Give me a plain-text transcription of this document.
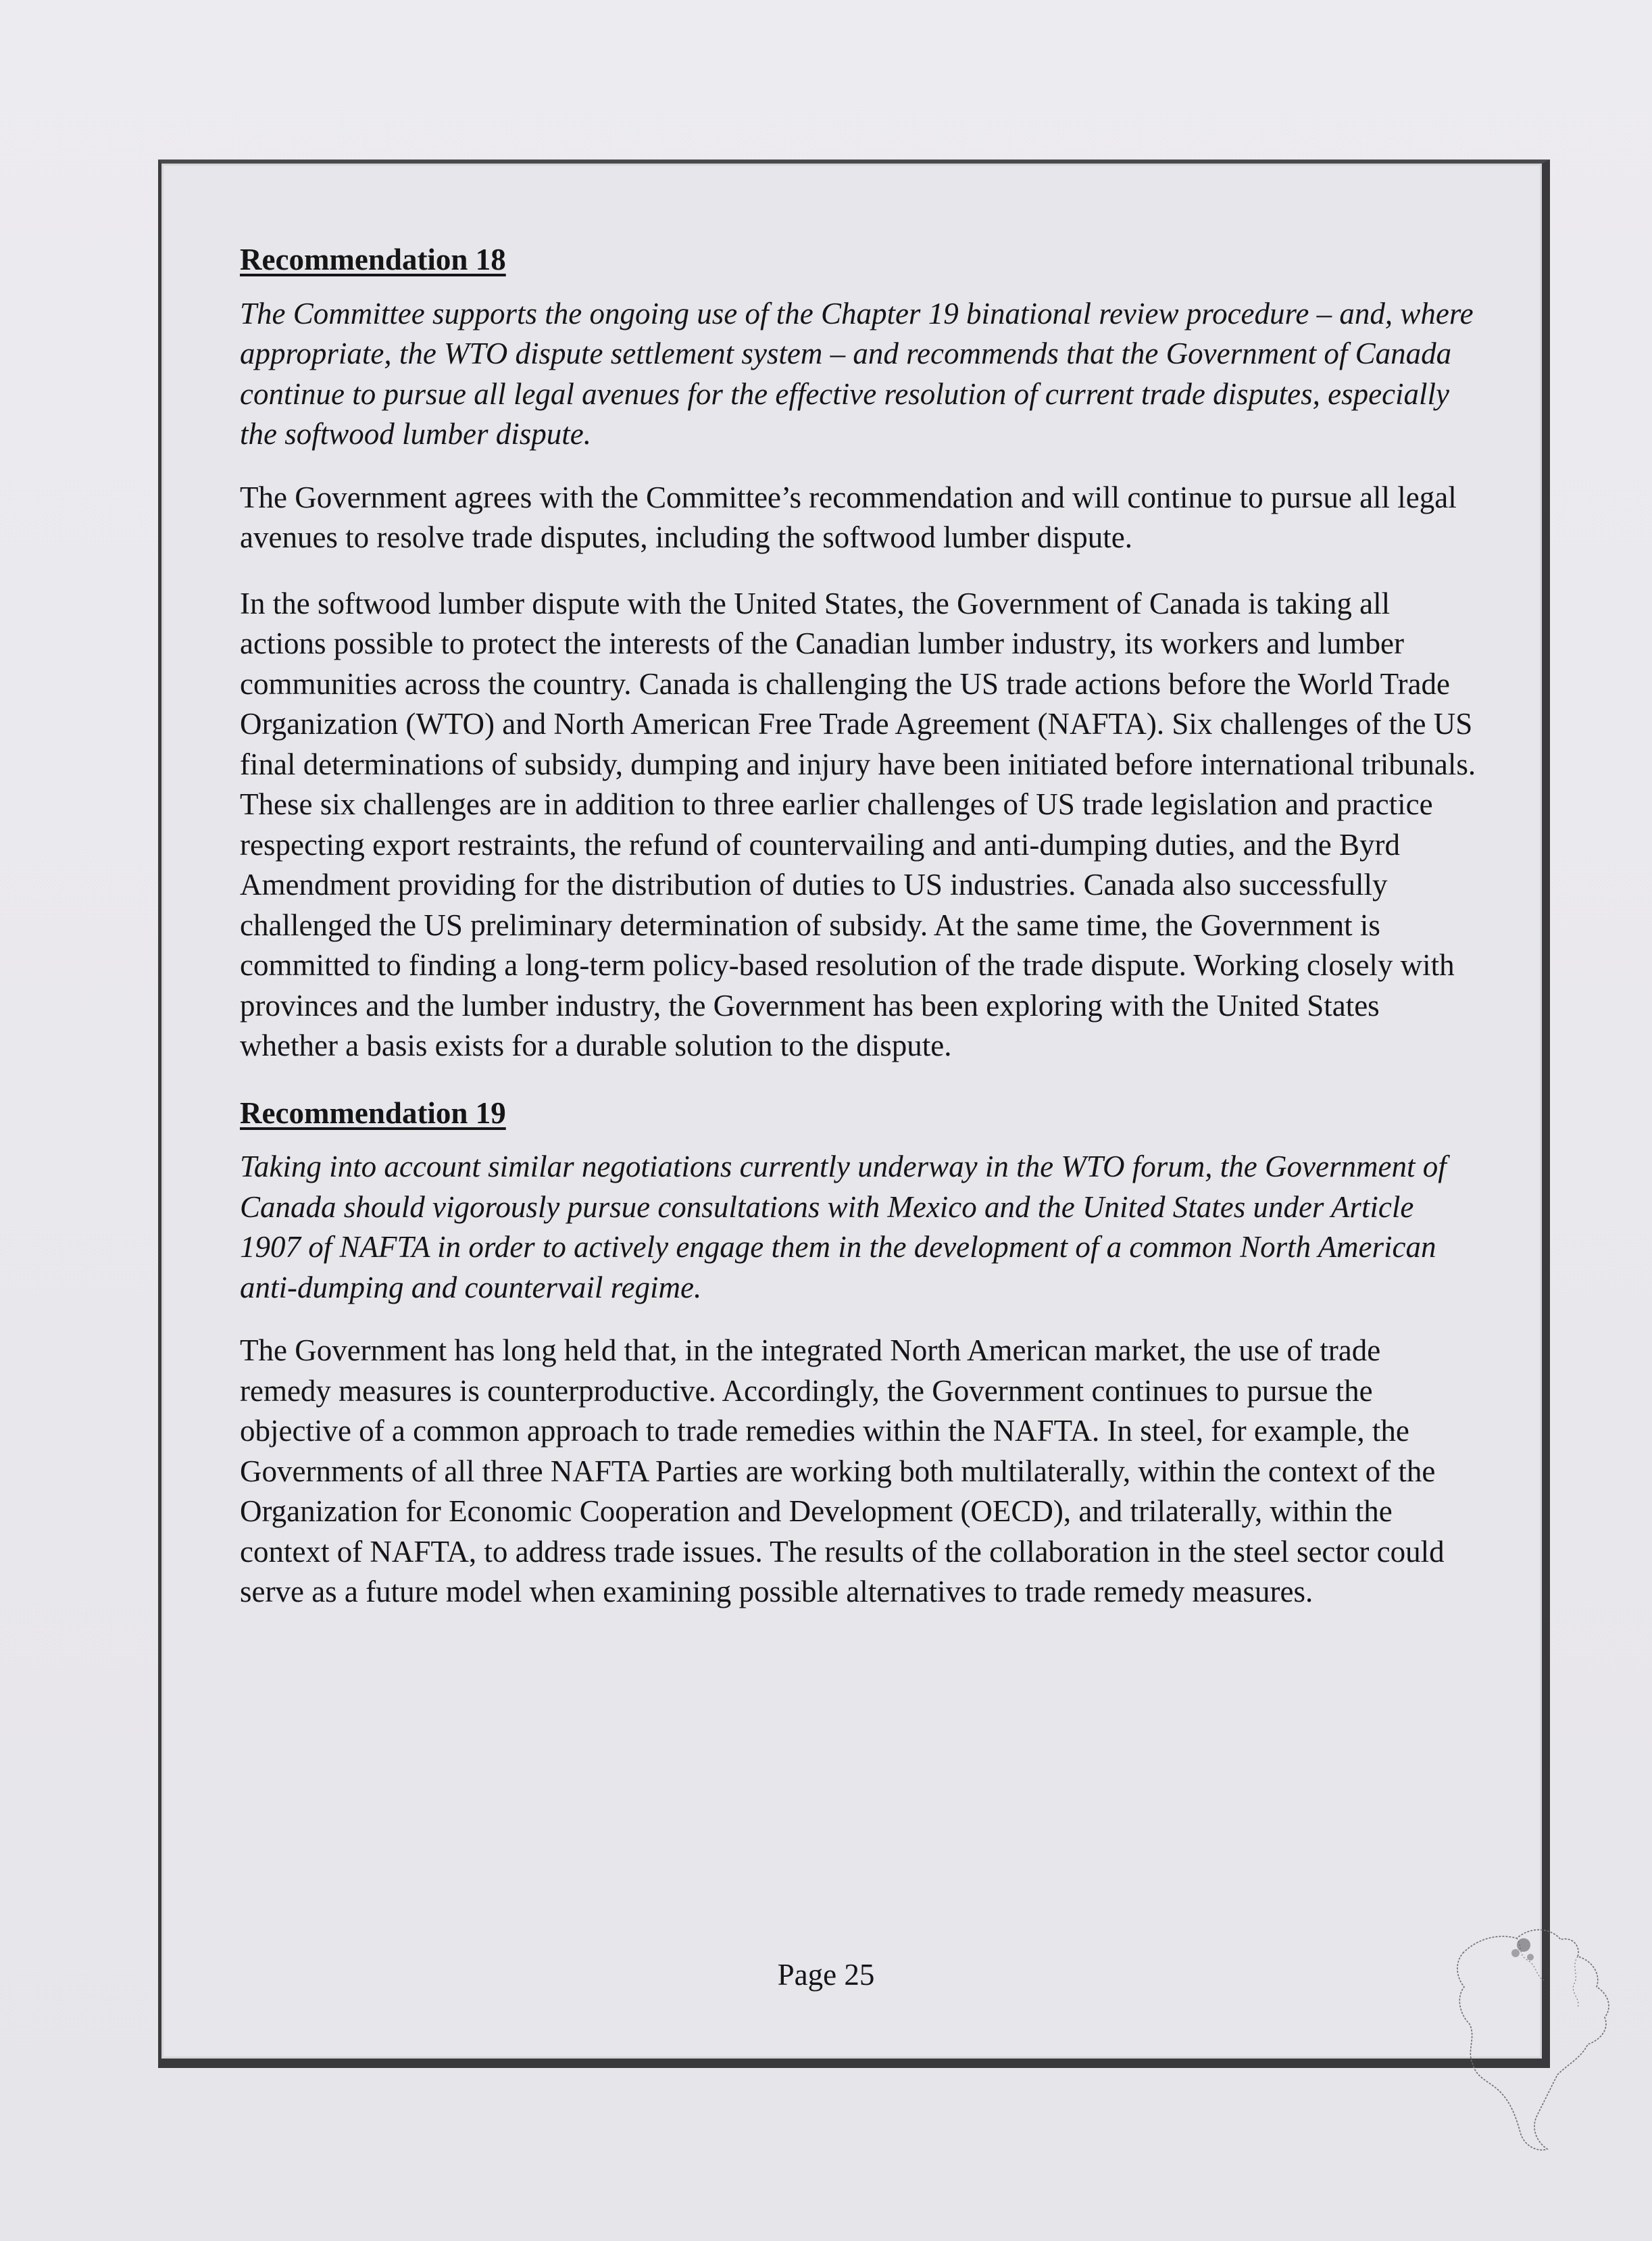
Recommendation 18

The Committee supports the ongoing use of the Chapter 19 binational review procedure – and, where appropriate, the WTO dispute settlement system – and recommends that the Government of Canada continue to pursue all legal avenues for the effective resolution of current trade disputes, especially the softwood lumber dispute.

The Government agrees with the Committee’s recommendation and will continue to pursue all legal avenues to resolve trade disputes, including the softwood lumber dispute.

In the softwood lumber dispute with the United States, the Government of Canada is taking all actions possible to protect the interests of the Canadian lumber industry, its workers and lumber communities across the country. Canada is challenging the US trade actions before the World Trade Organization (WTO) and North American Free Trade Agreement (NAFTA). Six challenges of the US final determinations of subsidy, dumping and injury have been initiated before international tribunals. These six challenges are in addition to three earlier challenges of US trade legislation and practice respecting export restraints, the refund of countervailing and anti-dumping duties, and the Byrd Amendment providing for the distribution of duties to US industries. Canada also successfully challenged the US preliminary determination of subsidy. At the same time, the Government is committed to finding a long-term policy-based resolution of the trade dispute. Working closely with provinces and the lumber industry, the Government has been exploring with the United States whether a basis exists for a durable solution to the dispute.

Recommendation 19

Taking into account similar negotiations currently underway in the WTO forum, the Government of Canada should vigorously pursue consultations with Mexico and the United States under Article 1907 of NAFTA in order to actively engage them in the development of a common North American anti-dumping and countervail regime.

The Government has long held that, in the integrated North American market, the use of trade remedy measures is counterproductive. Accordingly, the Government continues to pursue the objective of a common approach to trade remedies within the NAFTA. In steel, for example, the Governments of all three NAFTA Parties are working both multilaterally, within the context of the Organization for Economic Cooperation and Development (OECD), and trilaterally, within the context of NAFTA, to address trade issues. The results of the collaboration in the steel sector could serve as a future model when examining possible alternatives to trade remedy measures.

Page 25
